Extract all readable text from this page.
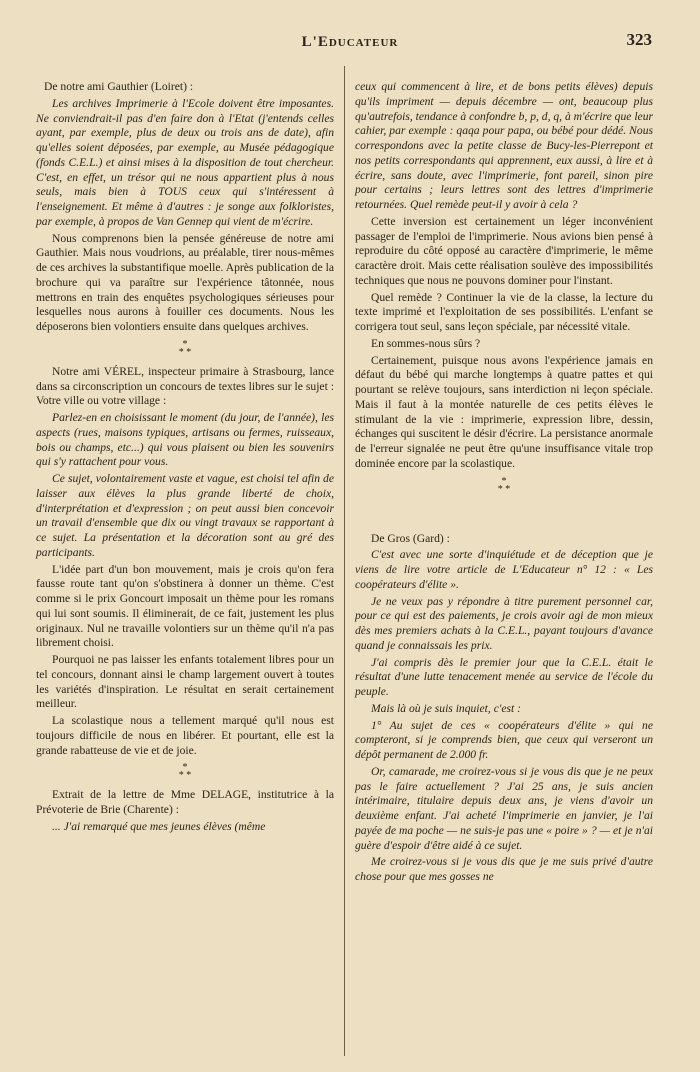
L'Educateur	323

De notre ami Gauthier (Loiret) :

Les archives Imprimerie à l'Ecole doivent être imposantes. Ne conviendrait-il pas d'en faire don à l'Etat (j'entends celles ayant, par exemple, plus de deux ou trois ans de date), afin qu'elles soient déposées, par exemple, au Musée pédagogique (fonds C.E.L.) et ainsi mises à la disposition de tout chercheur. C'est, en effet, un trésor qui ne nous appartient plus à nous seuls, mais bien à TOUS ceux qui s'intéressent à l'enseignement. Et même à d'autres : je songe aux folkloristes, par exemple, à propos de Van Gennep qui vient de m'écrire.

Nous comprenons bien la pensée généreuse de notre ami Gauthier. Mais nous voudrions, au préalable, tirer nous-mêmes de ces archives la substantifique moelle. Après publication de la brochure qui va paraître sur l'expérience tâtonnée, nous mettrons en train des enquêtes psychologiques sérieuses pour lesquelles nous aurons à fouiller ces documents. Nous les déposerons bien volontiers ensuite dans quelques archives.

*
* *

Notre ami VÉREL, inspecteur primaire à Strasbourg, lance dans sa circonscription un concours de textes libres sur le sujet : Votre ville ou votre village :

Parlez-en en choisissant le moment (du jour, de l'année), les aspects (rues, maisons typiques, artisans ou fermes, ruisseaux, bois ou champs, etc...) qui vous plaisent ou bien les souvenirs qui s'y rattachent pour vous.

Ce sujet, volontairement vaste et vague, est choisi tel afin de laisser aux élèves la plus grande liberté de choix, d'interprétation et d'expression ; on peut aussi bien concevoir un travail d'ensemble que dix ou vingt travaux se rapportant à ce sujet. La présentation et la décoration sont au gré des participants.

L'idée part d'un bon mouvement, mais je crois qu'on fera fausse route tant qu'on s'obstinera à donner un thème. C'est comme si le prix Goncourt imposait un thème pour les romans qui lui sont soumis. Il éliminerait, de ce fait, justement les plus originaux. Nul ne travaille volontiers sur un thème qu'il n'a pas librement choisi.

Pourquoi ne pas laisser les enfants totalement libres pour un tel concours, donnant ainsi le champ largement ouvert à toutes les variétés d'inspiration. Le résultat en serait certainement meilleur.

La scolastique nous a tellement marqué qu'il nous est toujours difficile de nous en libérer. Et pourtant, elle est la grande rabatteuse de vie et de joie.

*
* *

Extrait de la lettre de Mme DELAGE, institutrice à la Prévoterie de Brie (Charente) :

... J'ai remarqué que mes jeunes élèves (même

ceux qui commencent à lire, et de bons petits élèves) depuis qu'ils impriment — depuis décembre — ont, beaucoup plus qu'autrefois, tendance à confondre b, p, d, q, à m'écrire que leur cahier, par exemple : qaqa pour papa, ou bébé pour dédé. Nous correspondons avec la petite classe de Bucy-les-Pierrepont et nos petits correspondants qui apprennent, eux aussi, à lire et à écrire, sans doute, avec l'imprimerie, font pareil, sinon pire pour certains ; leurs lettres sont des lettres d'imprimerie retournées. Quel remède peut-il y avoir à cela ?

Cette inversion est certainement un léger inconvénient passager de l'emploi de l'imprimerie. Nous avions bien pensé à reproduire du côté opposé au caractère d'imprimerie, le même caractère droit. Mais cette réalisation soulève des impossibilités techniques que nous ne pouvons dominer pour l'instant.

Quel remède ? Continuer la vie de la classe, la lecture du texte imprimé et l'exploitation de ses possibilités. L'enfant se corrigera tout seul, sans leçon spéciale, par nécessité vitale.

En sommes-nous sûrs ?

Certainement, puisque nous avons l'expérience jamais en défaut du bébé qui marche longtemps à quatre pattes et qui pourtant se relève toujours, sans interdiction ni leçon spéciale. Mais il faut à la montée naturelle de ces petits élèves le stimulant de la vie : imprimerie, expression libre, dessin, échanges qui suscitent le désir d'écrire. La persistance anormale de l'erreur signalée ne peut être qu'une insuffisance vitale trop dominée encore par la scolastique.

*
* *

De Gros (Gard) :

C'est avec une sorte d'inquiétude et de déception que je viens de lire votre article de L'Educateur n° 12 : « Les coopérateurs d'élite ».

Je ne veux pas y répondre à titre purement personnel car, pour ce qui est des paiements, je crois avoir agi de mon mieux dès mes premiers achats à la C.E.L., payant toujours d'avance quand je connaissais les prix.

J'ai compris dès le premier jour que la C.E.L. était le résultat d'une lutte tenacement menée au service de l'école du peuple.

Mais là où je suis inquiet, c'est :

1° Au sujet de ces « coopérateurs d'élite » qui ne compteront, si je comprends bien, que ceux qui verseront un dépôt permanent de 2.000 fr.

Or, camarade, me croirez-vous si je vous dis que je ne peux pas le faire actuellement ? J'ai 25 ans, je suis ancien intérimaire, titulaire depuis deux ans, je viens d'avoir un deuxième enfant. J'ai acheté l'imprimerie en janvier, je l'ai payée de ma poche — ne suis-je pas une « poire » ? — et je n'ai guère d'espoir d'être aidé à ce sujet.

Me croirez-vous si je vous dis que je me suis privé d'autre chose pour que mes gosses ne
